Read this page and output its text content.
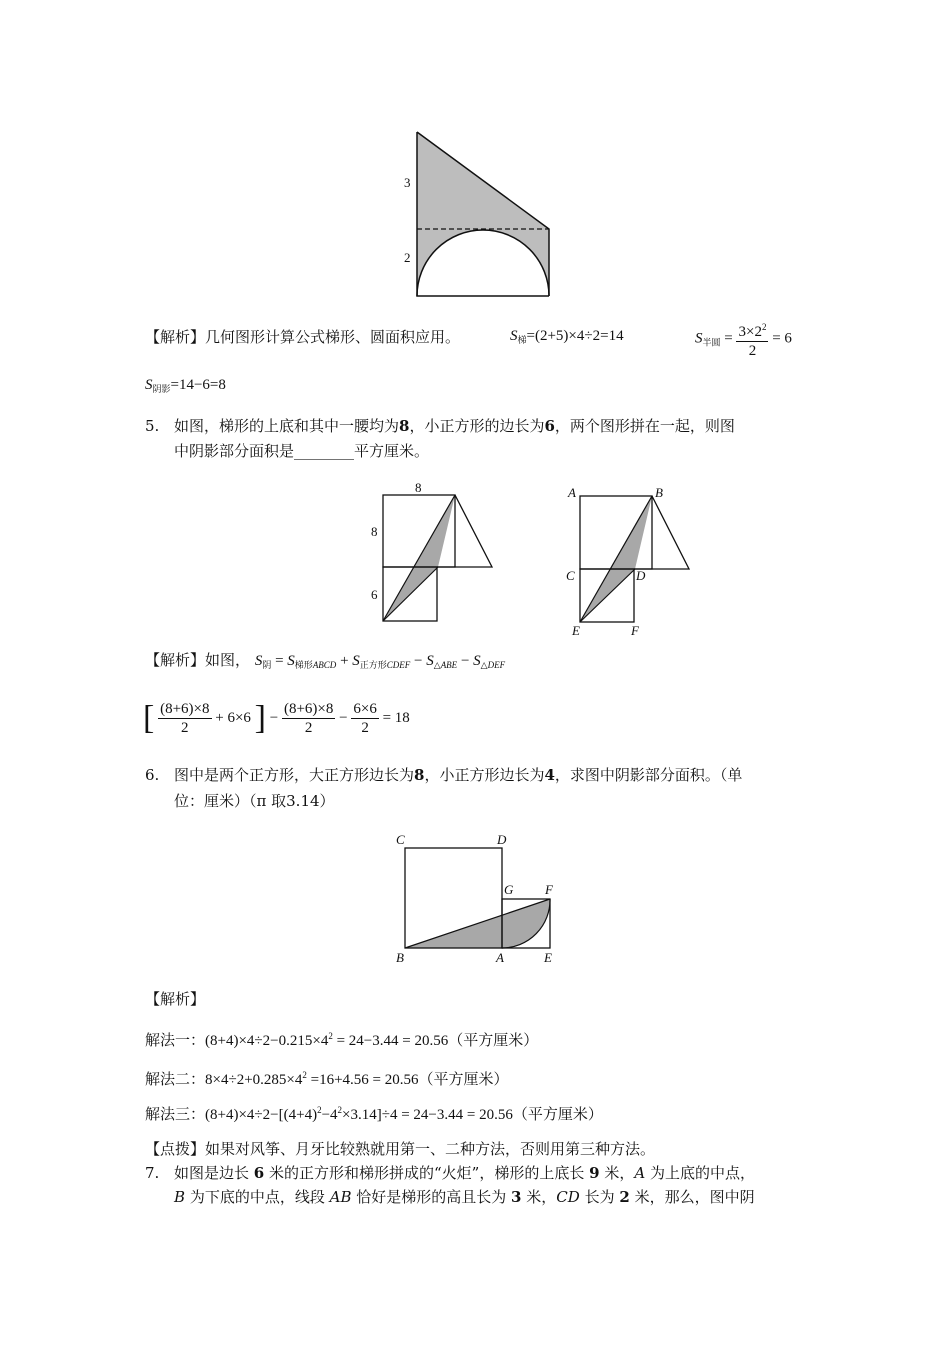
3
2
【解析】几何图形计算公式梯形、圆面积应用。	$S_梯=(2+5)\times 4\div 2=14$	$S_{半圆} = \frac{3\times 2^2}{2} = 6$
$S_{阴影}=14-6=8$
5. 如图，梯形的上底和其中一腰均为8，小正方形的边长为6，两个图形拼在一起，则图
中阴影部分面积是________平方厘米。
8
8
6
A	B
C	D
E	F
【解析】如图， $S_阴 = S_{梯形ABCD} + S_{正方形CDEF} - S_{\triangle ABE} - S_{\triangle DEF}$
[ $\frac{(8+6)\times 8}{2} + 6\times 6$ ] − $\frac{(8+6)\times 8}{2} - \frac{6\times 6}{2} = 18$
6. 图中是两个正方形，大正方形边长为8，小正方形边长为4，求图中阴影部分面积。（单
位：厘米）（π 取3.14）
C	D
G F
B	A	E
【解析】
解法一：$(8+4)\times 4\div 2-0.215\times 4^2 = 24-3.44 = 20.56$（平方厘米）
解法二：$8\times 4\div 2+0.285\times 4^2 =16+4.56 = 20.56$（平方厘米）
解法三：$(8+4)\times 4\div 2-[(4+4)^2-4^2\times 3.14]\div 4 = 24-3.44 = 20.56$（平方厘米）
【点拨】如果对风筝、月牙比较熟就用第一、二种方法，否则用第三种方法。
7. 如图是边长 6 米的正方形和梯形拼成的“火炬”，梯形的上底长 9 米，A 为上底的中点，
B 为下底的中点，线段 AB 恰好是梯形的高且长为 3 米，CD 长为 2 米，那么，图中阴
